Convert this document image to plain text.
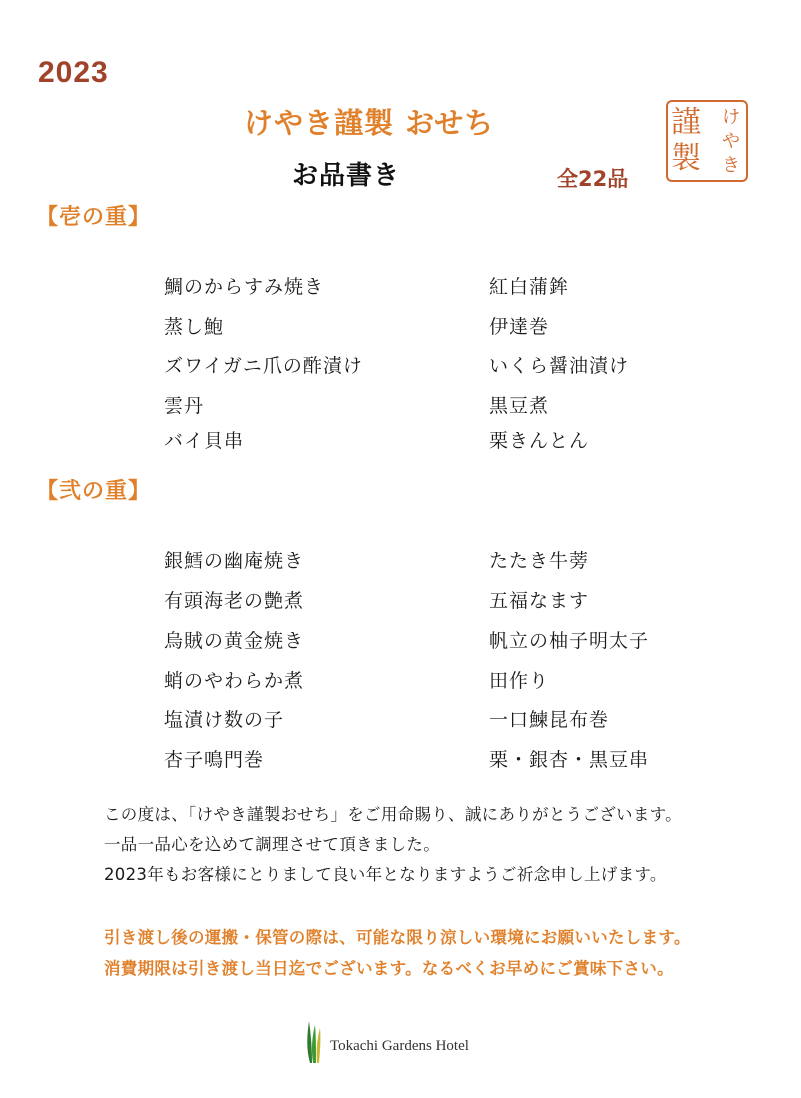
2023
けやき謹製 おせち
お品書き	全22品
謹
製
け
や
き
【壱の重】
鯛のからすみ焼き
蒸し鮑
ズワイガニ爪の酢漬け
雲丹
バイ貝串
紅白蒲鉾
伊達巻
いくら醤油漬け
黒豆煮
栗きんとん
【弐の重】
銀鱈の幽庵焼き
有頭海老の艶煮
烏賊の黄金焼き
蛸のやわらか煮
塩漬け数の子
杏子鳴門巻
たたき牛蒡
五福なます
帆立の柚子明太子
田作り
一口鰊昆布巻
栗・銀杏・黒豆串
この度は、「けやき謹製おせち」をご用命賜り、誠にありがとうございます。
一品一品心を込めて調理させて頂きました。
2023年もお客様にとりまして良い年となりますようご祈念申し上げます。
引き渡し後の運搬・保管の際は、可能な限り涼しい環境にお願いいたします。
消費期限は引き渡し当日迄でございます。なるべくお早めにご賞味下さい。
Tokachi Gardens Hotel
